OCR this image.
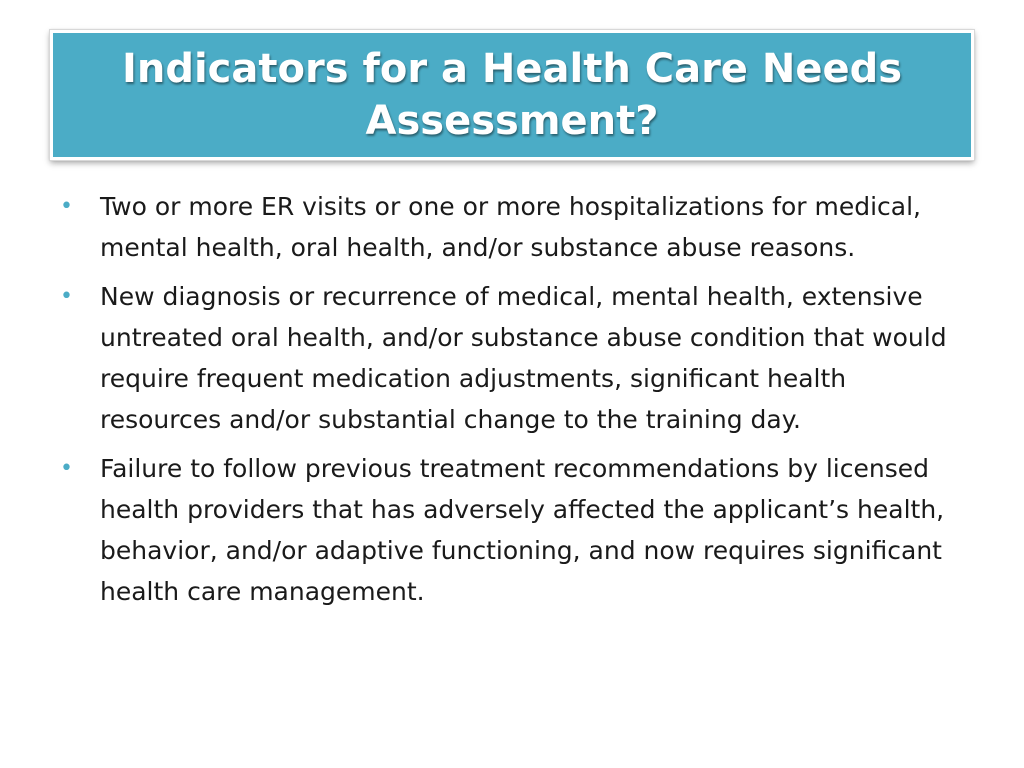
Indicators for a Health Care Needs Assessment?
• Two or more ER visits or one or more hospitalizations for medical, mental health, oral health, and/or substance abuse reasons.
• New diagnosis or recurrence of medical, mental health, extensive untreated oral health, and/or substance abuse condition that would require frequent medication adjustments, significant health resources and/or substantial change to the training day.
• Failure to follow previous treatment recommendations by licensed health providers that has adversely affected the applicant’s health, behavior, and/or adaptive functioning, and now requires significant health care management.
